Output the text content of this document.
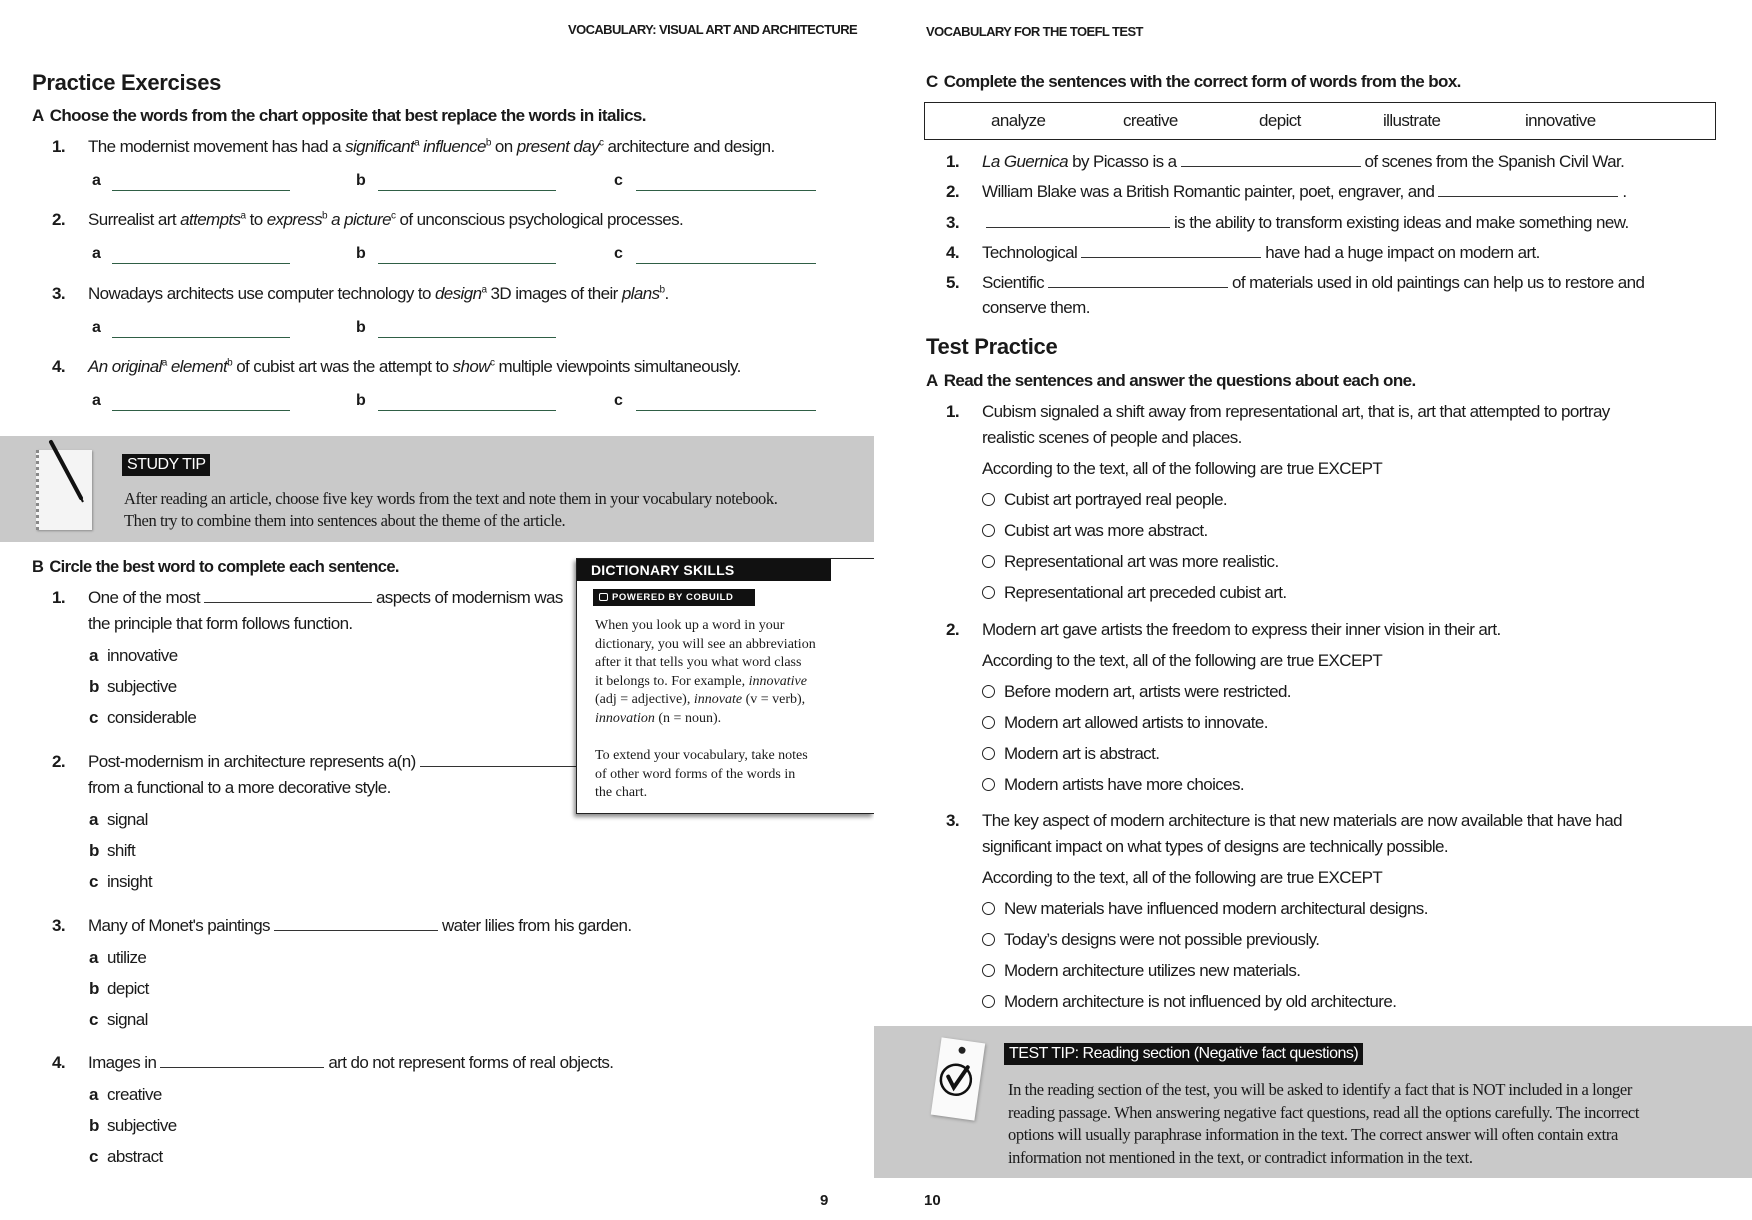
VOCABULARY: VISUAL ART AND ARCHITECTURE
Practice Exercises
A Choose the words from the chart opposite that best replace the words in italics.
1. The modernist movement has had a significant$^a$ influence$^b$ on present day$^c$ architecture and design.
a	b	c
2. Surrealist art attempts$^a$ to express$^b$ a picture$^c$ of unconscious psychological processes.
a	b	c
3. Nowadays architects use computer technology to design$^a$ 3D images of their plans$^b$.
a	b
4. An original$^a$ element$^b$ of cubist art was the attempt to show$^c$ multiple viewpoints simultaneously.
a	b	c
STUDY TIP
After reading an article, choose five key words from the text and note them in your vocabulary notebook.
Then try to combine them into sentences about the theme of the article.
B Circle the best word to complete each sentence.
1. One of the most	aspects of modernism was
the principle that form follows function.
a innovative
b subjective
c considerable
2. Post-modernism in architecture represents a(n)
from a functional to a more decorative style.
a signal
b shift
c insight
3. Many of Monet's paintings	water lilies from his garden.
a utilize
b depict
c signal
4. Images in	art do not represent forms of real objects.
a creative
b subjective
c abstract
DICTIONARY SKILLS
POWERED BY COBUILD
When you look up a word in your
dictionary, you will see an abbreviation
after it that tells you what word class
it belongs to. For example, innovative
(adj = adjective), innovate (v = verb),
innovation (n = noun).
To extend your vocabulary, take notes
of other word forms of the words in
the chart.
9
VOCABULARY FOR THE TOEFL TEST
C Complete the sentences with the correct form of words from the box.
analyze	creative	depict	illustrate	innovative
1. La Guernica by Picasso is a	of scenes from the Spanish Civil War.
2. William Blake was a British Romantic painter, poet, engraver, and	.
3.	is the ability to transform existing ideas and make something new.
4. Technological	have had a huge impact on modern art.
5. Scientific	of materials used in old paintings can help us to restore and
conserve them.
Test Practice
A Read the sentences and answer the questions about each one.
1. Cubism signaled a shift away from representational art, that is, art that attempted to portray
realistic scenes of people and places.
According to the text, all of the following are true EXCEPT
Cubist art portrayed real people.
Cubist art was more abstract.
Representational art was more realistic.
Representational art preceded cubist art.
2. Modern art gave artists the freedom to express their inner vision in their art.
According to the text, all of the following are true EXCEPT
Before modern art, artists were restricted.
Modern art allowed artists to innovate.
Modern art is abstract.
Modern artists have more choices.
3. The key aspect of modern architecture is that new materials are now available that have had
significant impact on what types of designs are technically possible.
According to the text, all of the following are true EXCEPT
New materials have influenced modern architectural designs.
Today’s designs were not possible previously.
Modern architecture utilizes new materials.
Modern architecture is not influenced by old architecture.
TEST TIP: Reading section (Negative fact questions)
In the reading section of the test, you will be asked to identify a fact that is NOT included in a longer
reading passage. When answering negative fact questions, read all the options carefully. The incorrect
options will usually paraphrase information in the text. The correct answer will often contain extra
information not mentioned in the text, or contradict information in the text.
10
